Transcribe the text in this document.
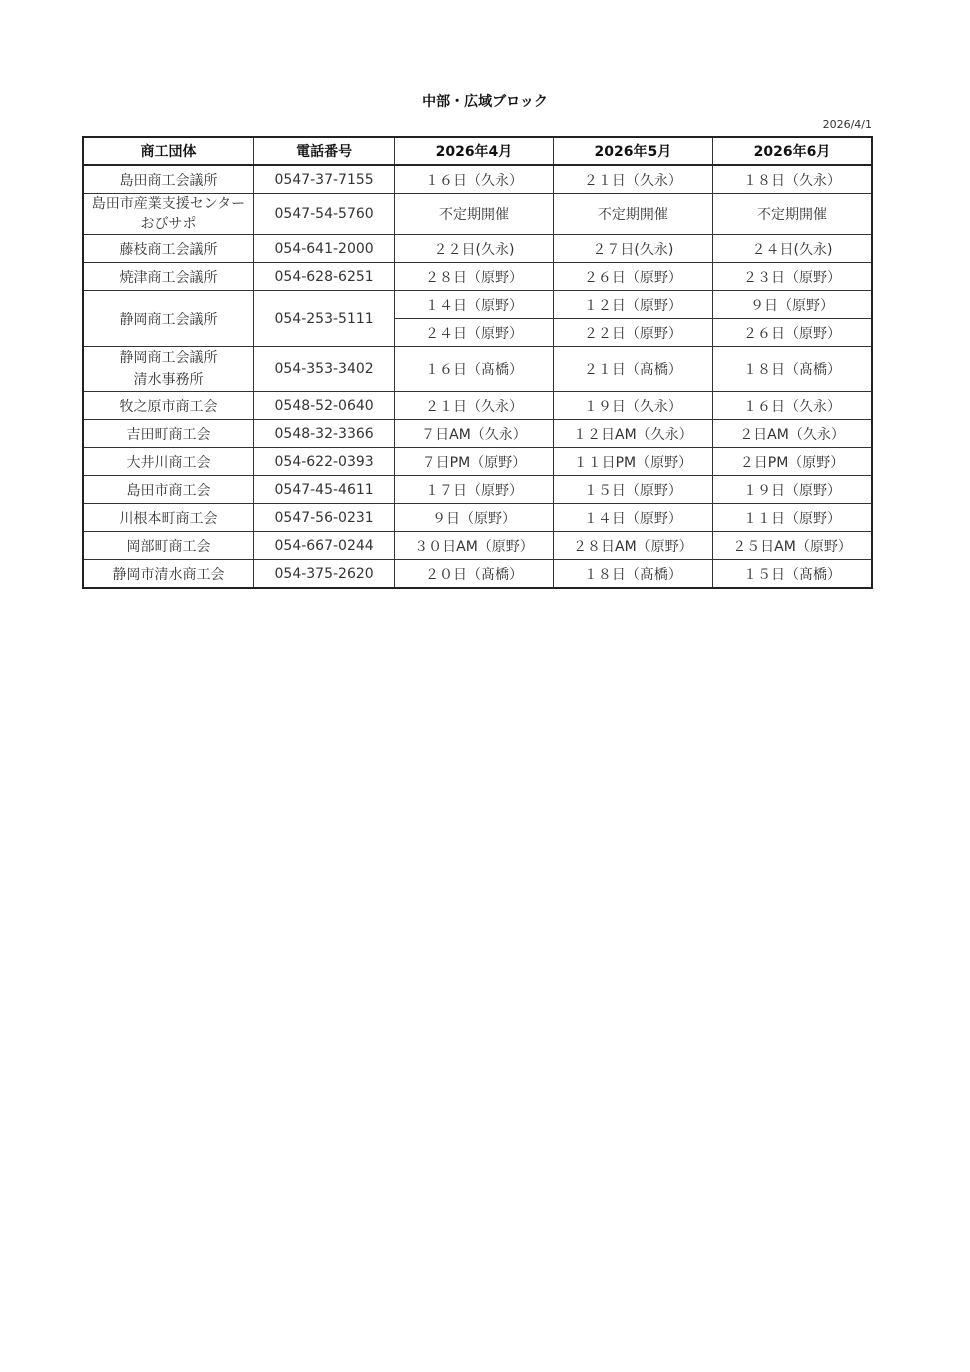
中部・広域ブロック
2026/4/1
商工団体	電話番号	2026年4月	2026年5月	2026年6月
島田商工会議所	0547-37-7155	１６日（久永）	２１日（久永）	１８日（久永）

島田市産業支援センター
おびサポ	0547-54-5760	不定期開催	不定期開催	不定期開催
藤枝商工会議所	054-641-2000	２２日(久永)	２７日(久永)	２４日(久永)
焼津商工会議所	054-628-6251	２８日（原野）	２６日（原野）	２３日（原野）
静岡商工会議所	054-253-5111	１４日（原野）	１２日（原野）	９日（原野）
		２４日（原野）	２２日（原野）	２６日（原野）

静岡商工会議所
清水事務所	054-353-3402	１６日（髙橋）	２１日（髙橋）	１８日（髙橋）
牧之原市商工会	0548-52-0640	２１日（久永）	１９日（久永）	１６日（久永）
吉田町商工会	0548-32-3366	７日AM（久永）	１２日AM（久永）	２日AM（久永）
大井川商工会	054-622-0393	７日PM（原野）	１１日PM（原野）	２日PM（原野）
島田市商工会	0547-45-4611	１７日（原野）	１５日（原野）	１９日（原野）
川根本町商工会	0547-56-0231	９日（原野）	１４日（原野）	１１日（原野）
岡部町商工会	054-667-0244	３０日AM（原野）	２８日AM（原野）	２５日AM（原野）
静岡市清水商工会	054-375-2620	２０日（髙橋）	１８日（髙橋）	１５日（髙橋）
